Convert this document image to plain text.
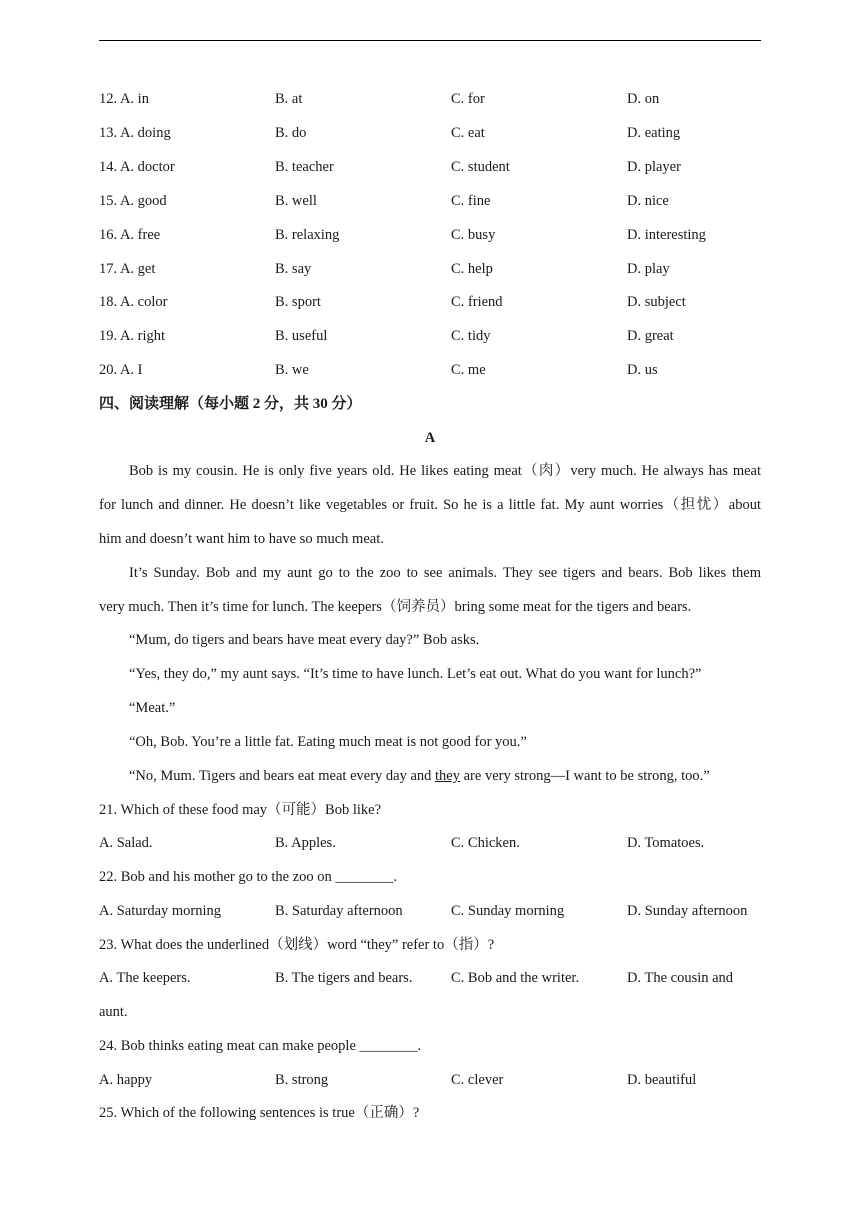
12. A. in	B. at	C. for	D. on
13. A. doing	B. do	C. eat	D. eating
14. A. doctor	B. teacher	C. student	D. player
15. A. good	B. well	C. fine	D. nice
16. A. free	B. relaxing	C. busy	D. interesting
17. A. get	B. say	C. help	D. play
18. A. color	B. sport	C. friend	D. subject
19. A. right	B. useful	C. tidy	D. great
20. A. I	B. we	C. me	D. us
四、阅读理解（每小题 2 分，共 30 分）
A
Bob is my cousin. He is only five years old. He likes eating meat（肉）very much. He always has meat
for lunch and dinner. He doesn’t like vegetables or fruit. So he is a little fat. My aunt worries（担忧）about
him and doesn’t want him to have so much meat.
It’s Sunday. Bob and my aunt go to the zoo to see animals. They see tigers and bears. Bob likes them
very much. Then it’s time for lunch. The keepers（饲养员）bring some meat for the tigers and bears.
“Mum, do tigers and bears have meat every day?” Bob asks.
“Yes, they do,” my aunt says. “It’s time to have lunch. Let’s eat out. What do you want for lunch?”
“Meat.”
“Oh, Bob. You’re a little fat. Eating much meat is not good for you.”
“No, Mum. Tigers and bears eat meat every day and they are very strong—I want to be strong, too.”
21. Which of these food may（可能）Bob like?
A. Salad.	B. Apples.	C. Chicken.	D. Tomatoes.
22. Bob and his mother go to the zoo on ________.
A. Saturday morning	B. Saturday afternoon	C. Sunday morning	D. Sunday afternoon
23. What does the underlined（划线）word “they” refer to（指）?
A. The keepers.	B. The tigers and bears.	C. Bob and the writer.	D. The cousin and
aunt.
24. Bob thinks eating meat can make people ________.
A. happy	B. strong	C. clever	D. beautiful
25. Which of the following sentences is true（正确）?
